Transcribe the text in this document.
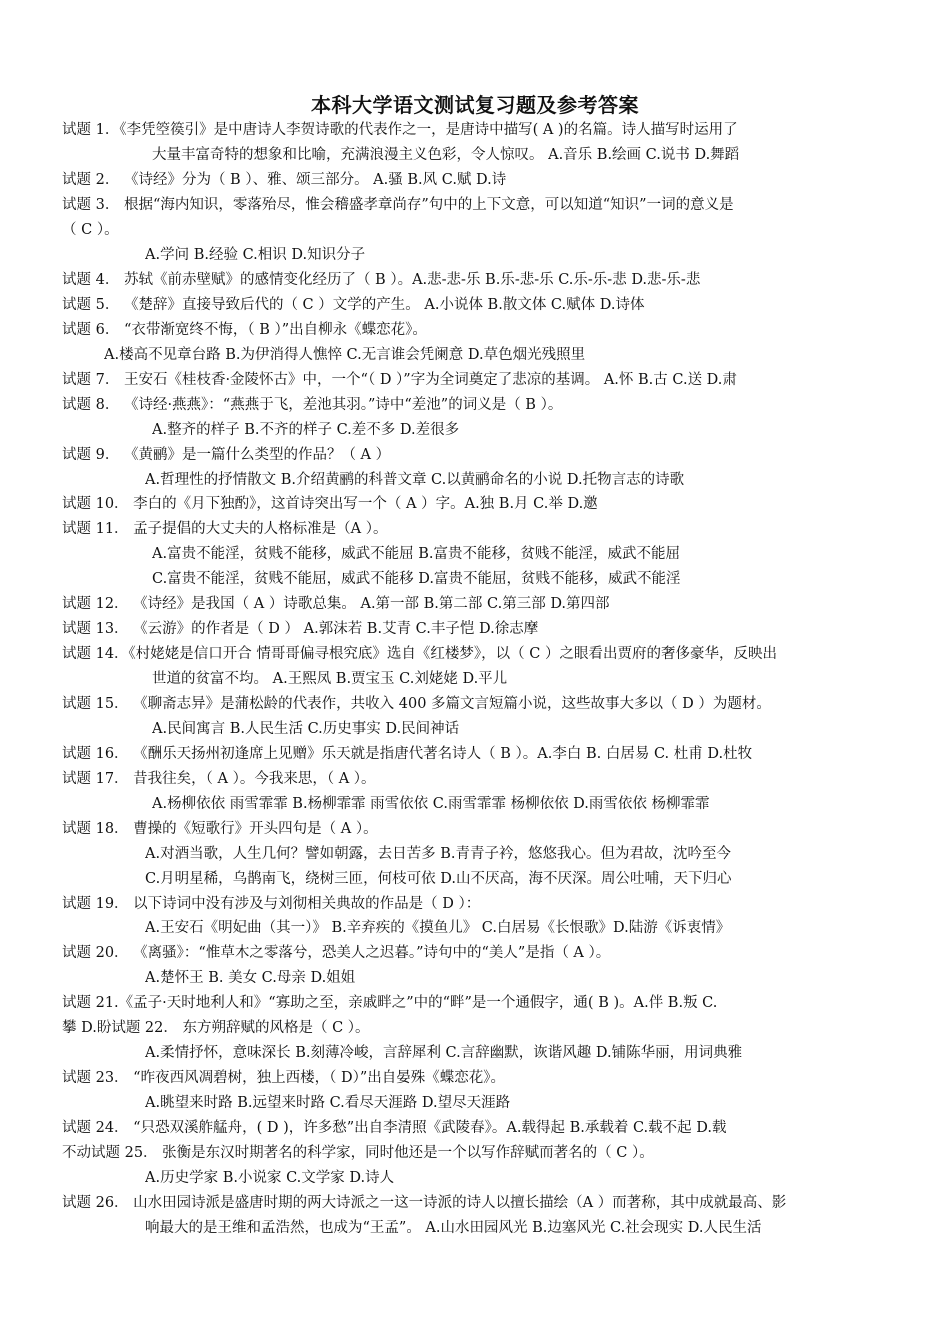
本科大学语文测试复习题及参考答案
试题 1．《李凭箜篌引》是中唐诗人李贺诗歌的代表作之一，是唐诗中描写( A )的名篇。诗人描写时运用了
大量丰富奇特的想象和比喻，充满浪漫主义色彩，令人惊叹。 A.音乐 B.绘画 C.说书 D.舞蹈
试题 2． 《诗经》分为（ B ）、雅、颂三部分。 A.骚 B.风 C.赋 D.诗
试题 3． 根据“海内知识，零落殆尽，惟会稽盛孝章尚存”句中的上下文意，可以知道“知识”一词的意义是
（ C ）。
A.学问 B.经验 C.相识 D.知识分子
试题 4． 苏轼《前赤壁赋》的感情变化经历了（ B ）。A.悲-悲-乐 B.乐-悲-乐 C.乐-乐-悲 D.悲-乐-悲
试题 5． 《楚辞》直接导致后代的（ C ）文学的产生。 A.小说体 B.散文体 C.赋体 D.诗体
试题 6． “衣带渐宽终不悔，（ B ）”出自柳永《蝶恋花》。
A.楼高不见章台路 B.为伊消得人憔悴 C.无言谁会凭阑意 D.草色烟光残照里
试题 7． 王安石《桂枝香·金陵怀古》中，一个“（ D ）”字为全词奠定了悲凉的基调。 A.怀 B.古 C.送 D.肃
试题 8． 《诗经·燕燕》：“燕燕于飞，差池其羽。”诗中“差池”的词义是（ B ）。
A.整齐的样子 B.不齐的样子 C.差不多 D.差很多
试题 9． 《黄鹂》是一篇什么类型的作品？（ A ）
A.哲理性的抒情散文 B.介绍黄鹂的科普文章 C.以黄鹂命名的小说 D.托物言志的诗歌
试题 10． 李白的《月下独酌》，这首诗突出写一个（ A ）字。A.独 B.月 C.举 D.邀
试题 11． 孟子提倡的大丈夫的人格标准是（A ）。
A.富贵不能淫，贫贱不能移，威武不能屈 B.富贵不能移，贫贱不能淫，威武不能屈
C.富贵不能淫，贫贱不能屈，威武不能移 D.富贵不能屈，贫贱不能移，威武不能淫
试题 12． 《诗经》是我国（ A ）诗歌总集。 A.第一部 B.第二部 C.第三部 D.第四部
试题 13． 《云游》的作者是（ D ） A.郭沫若 B.艾青 C.丰子恺 D.徐志摩
试题 14．《村姥姥是信口开合 情哥哥偏寻根究底》选自《红楼梦》，以（ C ）之眼看出贾府的奢侈豪华，反映出
世道的贫富不均。 A.王熙凤 B.贾宝玉 C.刘姥姥 D.平儿
试题 15． 《聊斋志异》是蒲松龄的代表作，共收入 400 多篇文言短篇小说，这些故事大多以（ D ）为题材。
A.民间寓言 B.人民生活 C.历史事实 D.民间神话
试题 16． 《酬乐天扬州初逢席上见赠》乐天就是指唐代著名诗人（ B ）。A.李白 B. 白居易 C. 杜甫 D.杜牧
试题 17． 昔我往矣，（ A ）。今我来思，（ A ）。
A.杨柳依依 雨雪霏霏 B.杨柳霏霏 雨雪依依 C.雨雪霏霏 杨柳依依 D.雨雪依依 杨柳霏霏
试题 18． 曹操的《短歌行》开头四句是（ A ）。
A.对酒当歌，人生几何？譬如朝露，去日苦多 B.青青子衿，悠悠我心。但为君故，沈吟至今
C.月明星稀，乌鹊南飞，绕树三匝，何枝可依 D.山不厌高，海不厌深。周公吐哺，天下归心
试题 19． 以下诗词中没有涉及与刘彻相关典故的作品是（ D ）：
A.王安石《明妃曲（其一）》 B.辛弃疾的《摸鱼儿》 C.白居易《长恨歌》D.陆游《诉衷情》
试题 20． 《离骚》：“惟草木之零落兮，恐美人之迟暮。”诗句中的“美人”是指（ A ）。
A.楚怀王 B. 美女 C.母亲 D.姐姐
试题 21.《孟子·天时地利人和》“寡助之至，亲戚畔之”中的“畔”是一个通假字，通( B )。A.伴 B.叛 C.
攀 D.盼试题 22． 东方朔辞赋的风格是（ C ）。
A.柔情抒怀，意味深长 B.刻薄冷峻，言辞犀利 C.言辞幽默，诙谐风趣 D.铺陈华丽，用词典雅
试题 23． “昨夜西风凋碧树，独上西楼，（ D）”出自晏殊《蝶恋花》。
A.眺望来时路 B.远望来时路 C.看尽天涯路 D.望尽天涯路
试题 24． “只恐双溪舴艋舟，( D )，许多愁”出自李清照《武陵春》。A.载得起 B.承载着 C.载不起 D.载
不动试题 25． 张衡是东汉时期著名的科学家，同时他还是一个以写作辞赋而著名的（ C ）。
A.历史学家 B.小说家 C.文学家 D.诗人
试题 26． 山水田园诗派是盛唐时期的两大诗派之一这一诗派的诗人以擅长描绘（A ）而著称，其中成就最高、影
响最大的是王维和孟浩然，也成为“王孟”。 A.山水田园风光 B.边塞风光 C.社会现实 D.人民生活
